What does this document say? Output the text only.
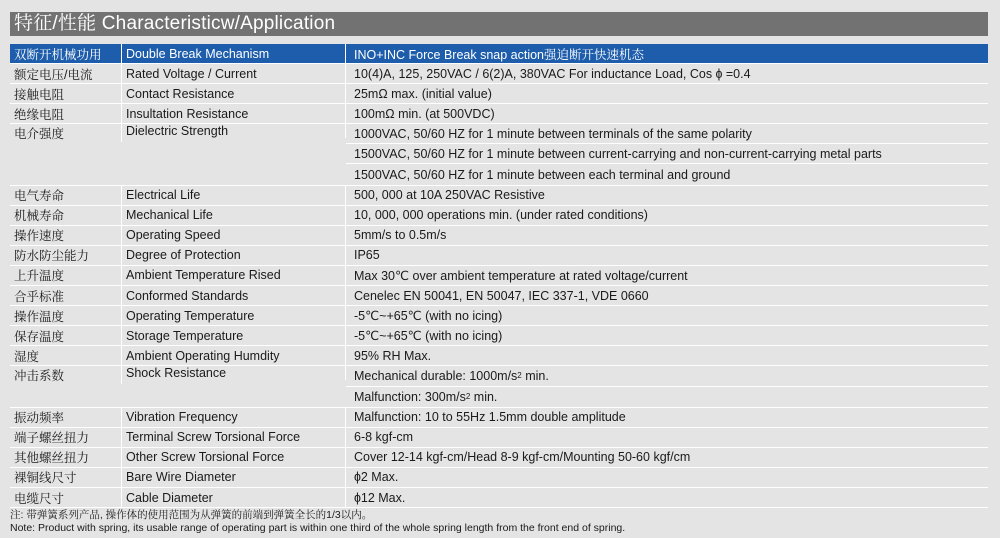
特征/性能 Characteristicw/Application
双断开机械功用	Double Break Mechanism	INO+INC Force Break snap action强迫断开快速机态
额定电压/电流	Rated Voltage / Current	10(4)A, 125, 250VAC / 6(2)A, 380VAC For inductance Load, Cos ɸ =0.4
接触电阻	Contact Resistance	25mΩ max. (initial value)
绝缘电阻	Insultation Resistance	100mΩ min. (at 500VDC)
电介强度	Dielectric Strength	1000VAC, 50/60 HZ for 1 minute between terminals of the same polarity
1500VAC, 50/60 HZ for 1 minute between current-carrying and non-current-carrying metal parts
1500VAC, 50/60 HZ for 1 minute between each terminal and ground
电气寿命	Electrical Life	500, 000 at 10A 250VAC Resistive
机械寿命	Mechanical Life	10, 000, 000 operations min. (under rated conditions)
操作速度	Operating Speed	5mm/s to 0.5m/s
防水防尘能力	Degree of Protection	IP65
上升温度	Ambient Temperature Rised	Max 30℃ over ambient temperature at rated voltage/current
合乎标准	Conformed Standards	Cenelec EN 50041, EN 50047, IEC 337-1, VDE 0660
操作温度	Operating Temperature	-5℃~+65℃ (with no icing)
保存温度	Storage Temperature	-5℃~+65℃ (with no icing)
湿度	Ambient Operating Humdity	95% RH Max.
冲击系数	Shock Resistance	Mechanical durable: 1000m/s 2 min.
Malfunction: 300m/s 2 min.
振动频率	Vibration Frequency	Malfunction: 10 to 55Hz 1.5mm double amplitude
端子螺丝扭力	Terminal Screw Torsional Force	6-8 kgf-cm
其他螺丝扭力	Other Screw Torsional Force	Cover 12-14 kgf-cm/Head 8-9 kgf-cm/Mounting 50-60 kgf/cm
裸铜线尺寸	Bare Wire Diameter	ɸ2 Max.
电缆尺寸	Cable Diameter	ɸ12 Max.
注: 带弹簧系列产品, 操作体的使用范围为从弹簧的前端到弹簧全长的1/3以内。
Note: Product with spring, its usable range of operating part is within one third of the whole spring length from the front end of spring.
